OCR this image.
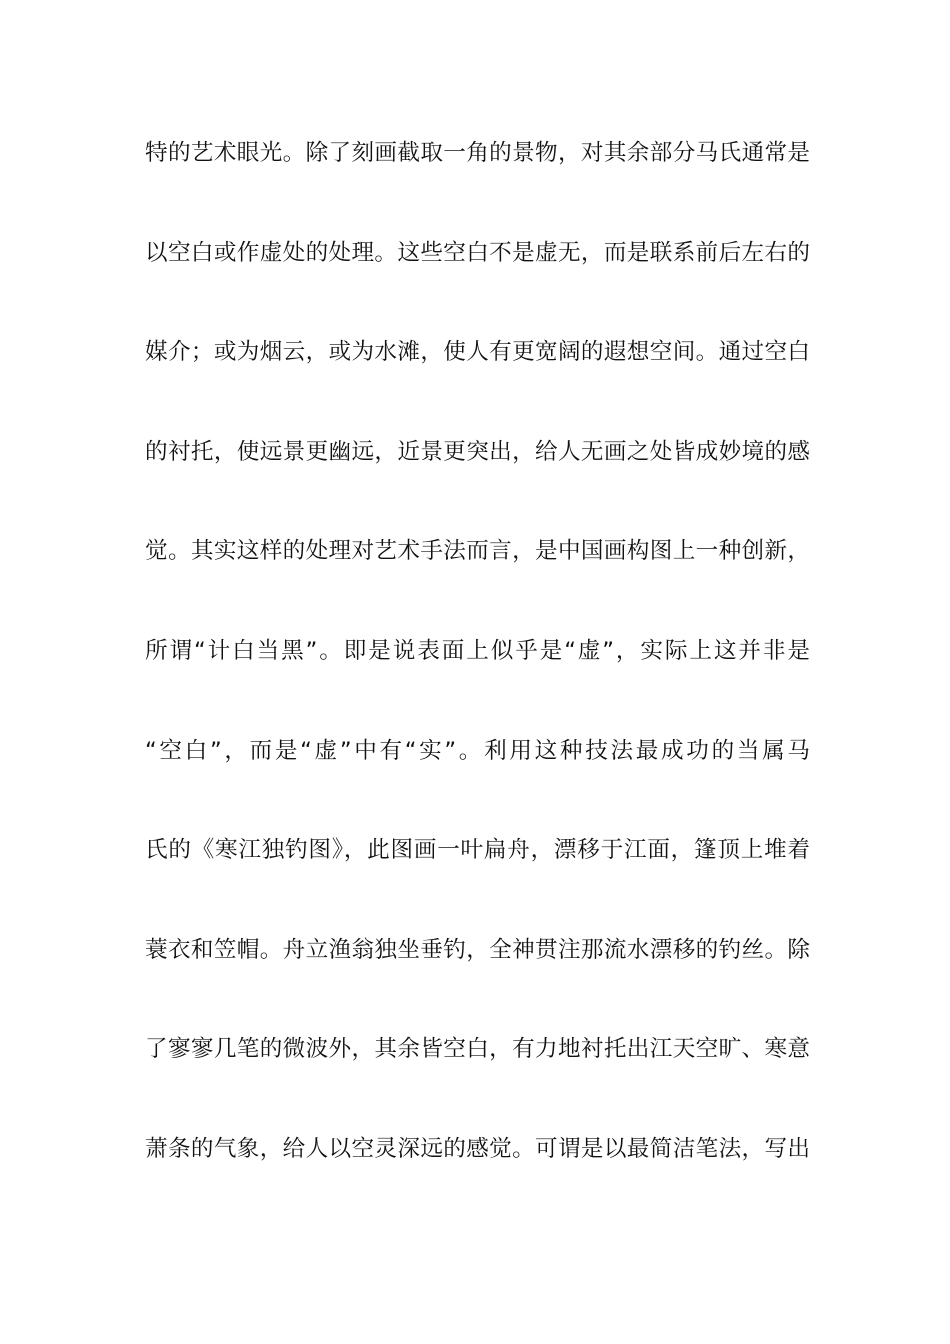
特的艺术眼光。除了刻画截取一角的景物，对其余部分马氏通常是
以空白或作虚处的处理。这些空白不是虚无，而是联系前后左右的
媒介；或为烟云，或为水滩，使人有更宽阔的遐想空间。通过空白
的衬托，使远景更幽远，近景更突出，给人无画之处皆成妙境的感
觉。其实这样的处理对艺术手法而言，是中国画构图上一种创新，
所谓“计白当黑”。即是说表面上似乎是“虚”，实际上这并非是
“空白”，而是“虚”中有“实”。利用这种技法最成功的当属马
氏的《寒江独钓图》，此图画一叶扁舟，漂移于江面，篷顶上堆着
蓑衣和笠帽。舟立渔翁独坐垂钓，全神贯注那流水漂移的钓丝。除
了寥寥几笔的微波外，其余皆空白，有力地衬托出江天空旷、寒意
萧条的气象，给人以空灵深远的感觉。可谓是以最简洁笔法，写出
